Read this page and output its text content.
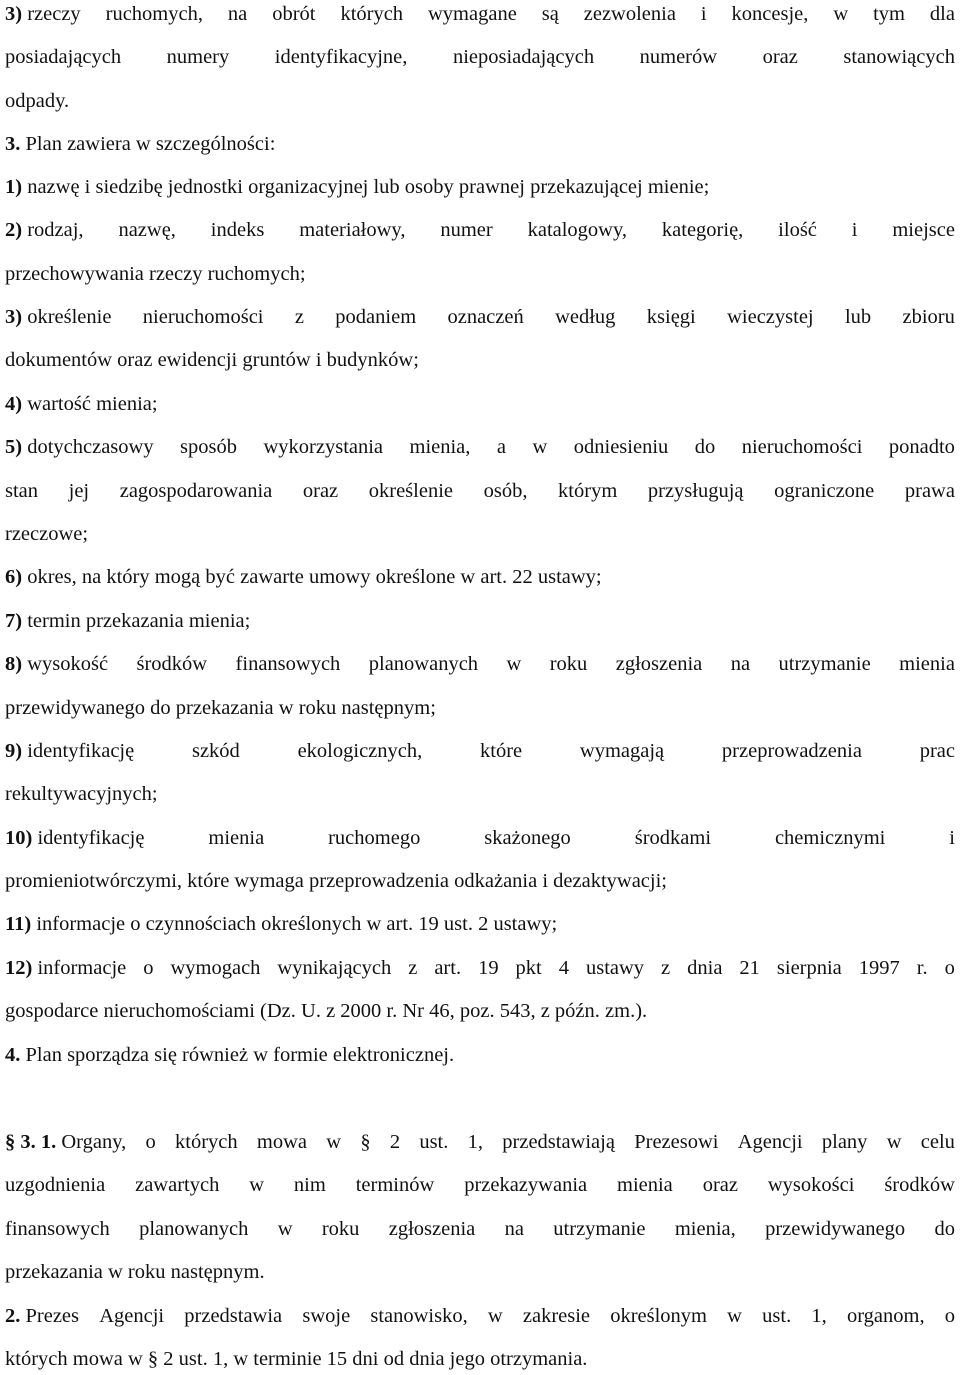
3) rzeczy ruchomych, na obrót których wymagane są zezwolenia i koncesje, w tym dla
posiadających numery identyfikacyjne, nieposiadających numerów oraz stanowiących
odpady.
3. Plan zawiera w szczególności:
1) nazwę i siedzibę jednostki organizacyjnej lub osoby prawnej przekazującej mienie;
2) rodzaj, nazwę, indeks materiałowy, numer katalogowy, kategorię, ilość i miejsce
przechowywania rzeczy ruchomych;
3) określenie nieruchomości z podaniem oznaczeń według księgi wieczystej lub zbioru
dokumentów oraz ewidencji gruntów i budynków;
4) wartość mienia;
5) dotychczasowy sposób wykorzystania mienia, a w odniesieniu do nieruchomości ponadto
stan jej zagospodarowania oraz określenie osób, którym przysługują ograniczone prawa
rzeczowe;
6) okres, na który mogą być zawarte umowy określone w art. 22 ustawy;
7) termin przekazania mienia;
8) wysokość środków finansowych planowanych w roku zgłoszenia na utrzymanie mienia
przewidywanego do przekazania w roku następnym;
9) identyfikację	szkód	ekologicznych,	które	wymagają	przeprowadzenia	prac
rekultywacyjnych;
10) identyfikację	mienia	ruchomego	skażonego	środkami	chemicznymi	i
promieniotwórczymi, które wymaga przeprowadzenia odkażania i dezaktywacji;
11) informacje o czynnościach określonych w art. 19 ust. 2 ustawy;
12) informacje o wymogach wynikających z art. 19 pkt 4 ustawy z dnia 21 sierpnia 1997 r. o
gospodarce nieruchomościami (Dz. U. z 2000 r. Nr 46, poz. 543, z późn. zm.).
4. Plan sporządza się również w formie elektronicznej.
§ 3. 1. Organy, o których mowa w § 2 ust. 1, przedstawiają Prezesowi Agencji plany w celu
uzgodnienia zawartych w nim terminów przekazywania mienia oraz wysokości środków
finansowych planowanych w roku zgłoszenia na utrzymanie mienia, przewidywanego do
przekazania w roku następnym.
2. Prezes Agencji przedstawia swoje stanowisko, w zakresie określonym w ust. 1, organom, o
których mowa w § 2 ust. 1, w terminie 15 dni od dnia jego otrzymania.
